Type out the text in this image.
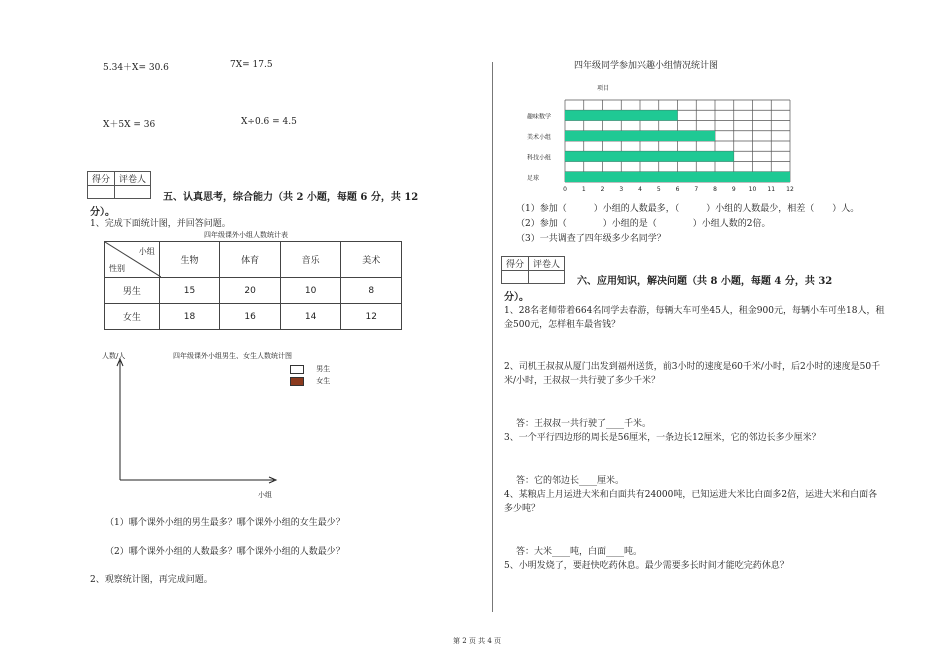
5.34＋X= 30.6	7X= 17.5
X＋5X = 36	X÷0.6 = 4.5
得分	评卷人

五、认真思考，综合能力（共 2 小题，每题 6 分，共 12
分）。
1、完成下面统计图，并回答问题。
四年级课外小组人数统计表
小组
性别	生物	体育	音乐	美术
男生	15	20	10	8
女生	18	16	14	12
人数/人	四年级课外小组男生、女生人数统计图
男生
女生
小组
（1）哪个课外小组的男生最多？哪个课外小组的女生最少？
（2）哪个课外小组的人数最多？哪个课外小组的人数最少？
2、观察统计图，再完成问题。
四年级同学参加兴趣小组情况统计图
项目
趣味数学
美术小组
科技小组
足球
0 1 2 3 4 5 6 7 8 9 10 11 12
（1）参加（　　　）小组的人数最多，（　　　）小组的人数最少，相差（　　）人。
（2）参加（　　　　）小组的是（　　　　）小组人数的2倍。
（3）一共调查了四年级多少名同学？
得分	评卷人

六、应用知识，解决问题（共 8 小题，每题 4 分，共 32
分）。
1、28名老师带着664名同学去春游，每辆大车可坐45人，租金900元，每辆小车可坐18人，租
金500元，怎样租车最省钱？
2、司机王叔叔从厦门出发到福州送货，前3小时的速度是60千米/小时，后2小时的速度是50千
米/小时，王叔叔一共行驶了多少千米？
答：王叔叔一共行驶了____千米。
3、一个平行四边形的周长是56厘米，一条边长12厘米，它的邻边长多少厘米？
答：它的邻边长____厘米。
4、某粮店上月运进大米和白面共有24000吨，已知运进大米比白面多2倍，运进大米和白面各
多少吨？
答：大米____吨，白面____吨。
5、小明发烧了，要赶快吃药休息。最少需要多长时间才能吃完药休息？
第 2 页 共 4 页
